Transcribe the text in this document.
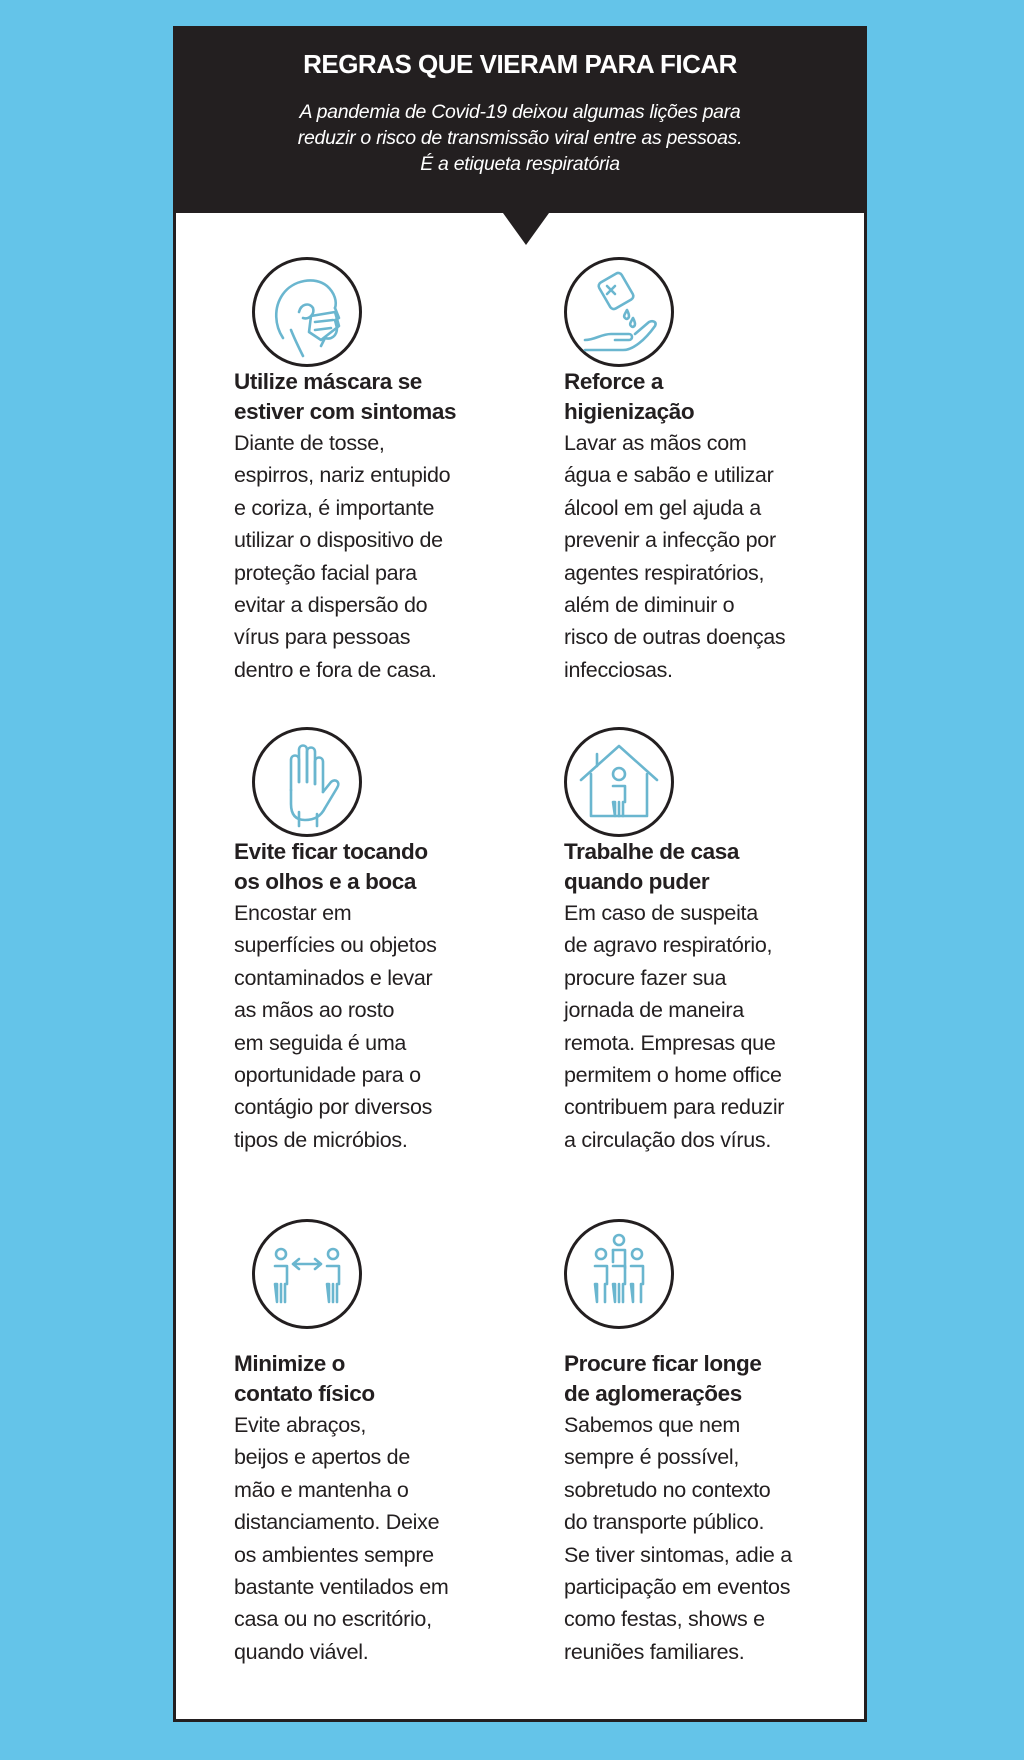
REGRAS QUE VIERAM PARA FICAR
A pandemia de Covid-19 deixou algumas lições para
reduzir o risco de transmissão viral entre as pessoas.
É a etiqueta respiratória
Utilize máscara se
estiver com sintomas

Diante de tosse,
espirros, nariz entupido
e coriza, é importante
utilizar o dispositivo de
proteção facial para
evitar a dispersão do
vírus para pessoas
dentro e fora de casa.

Reforce a
higienização

Lavar as mãos com
água e sabão e utilizar
álcool em gel ajuda a
prevenir a infecção por
agentes respiratórios,
além de diminuir o
risco de outras doenças
infecciosas.

Evite ficar tocando
os olhos e a boca

Encostar em
superfícies ou objetos
contaminados e levar
as mãos ao rosto
em seguida é uma
oportunidade para o
contágio por diversos
tipos de micróbios.

Trabalhe de casa
quando puder

Em caso de suspeita
de agravo respiratório,
procure fazer sua
jornada de maneira
remota. Empresas que
permitem o home office
contribuem para reduzir
a circulação dos vírus.

Minimize o
contato físico

Evite abraços,
beijos e apertos de
mão e mantenha o
distanciamento. Deixe
os ambientes sempre
bastante ventilados em
casa ou no escritório,
quando viável.

Procure ficar longe
de aglomerações

Sabemos que nem
sempre é possível,
sobretudo no contexto
do transporte público.
Se tiver sintomas, adie a
participação em eventos
como festas, shows e
reuniões familiares.
